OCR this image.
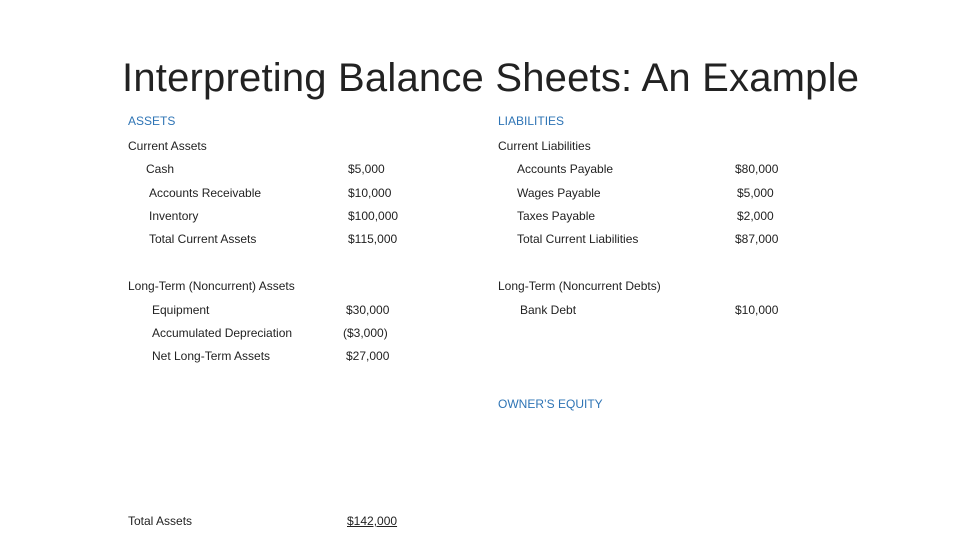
Interpreting Balance Sheets: An Example
ASSETS
Current Assets
Cash	$5,000
Accounts Receivable	$10,000
Inventory	$100,000
Total Current Assets	$115,000
Long-Term (Noncurrent) Assets
Equipment	$30,000
Accumulated Depreciation	($3,000)
Net Long-Term Assets	$27,000
Total Assets	$142,000
LIABILITIES
Current Liabilities
Accounts Payable	$80,000
Wages Payable	$5,000
Taxes Payable	$2,000
Total Current Liabilities	$87,000
Long-Term (Noncurrent Debts)
Bank Debt	$10,000
OWNER’S EQUITY
